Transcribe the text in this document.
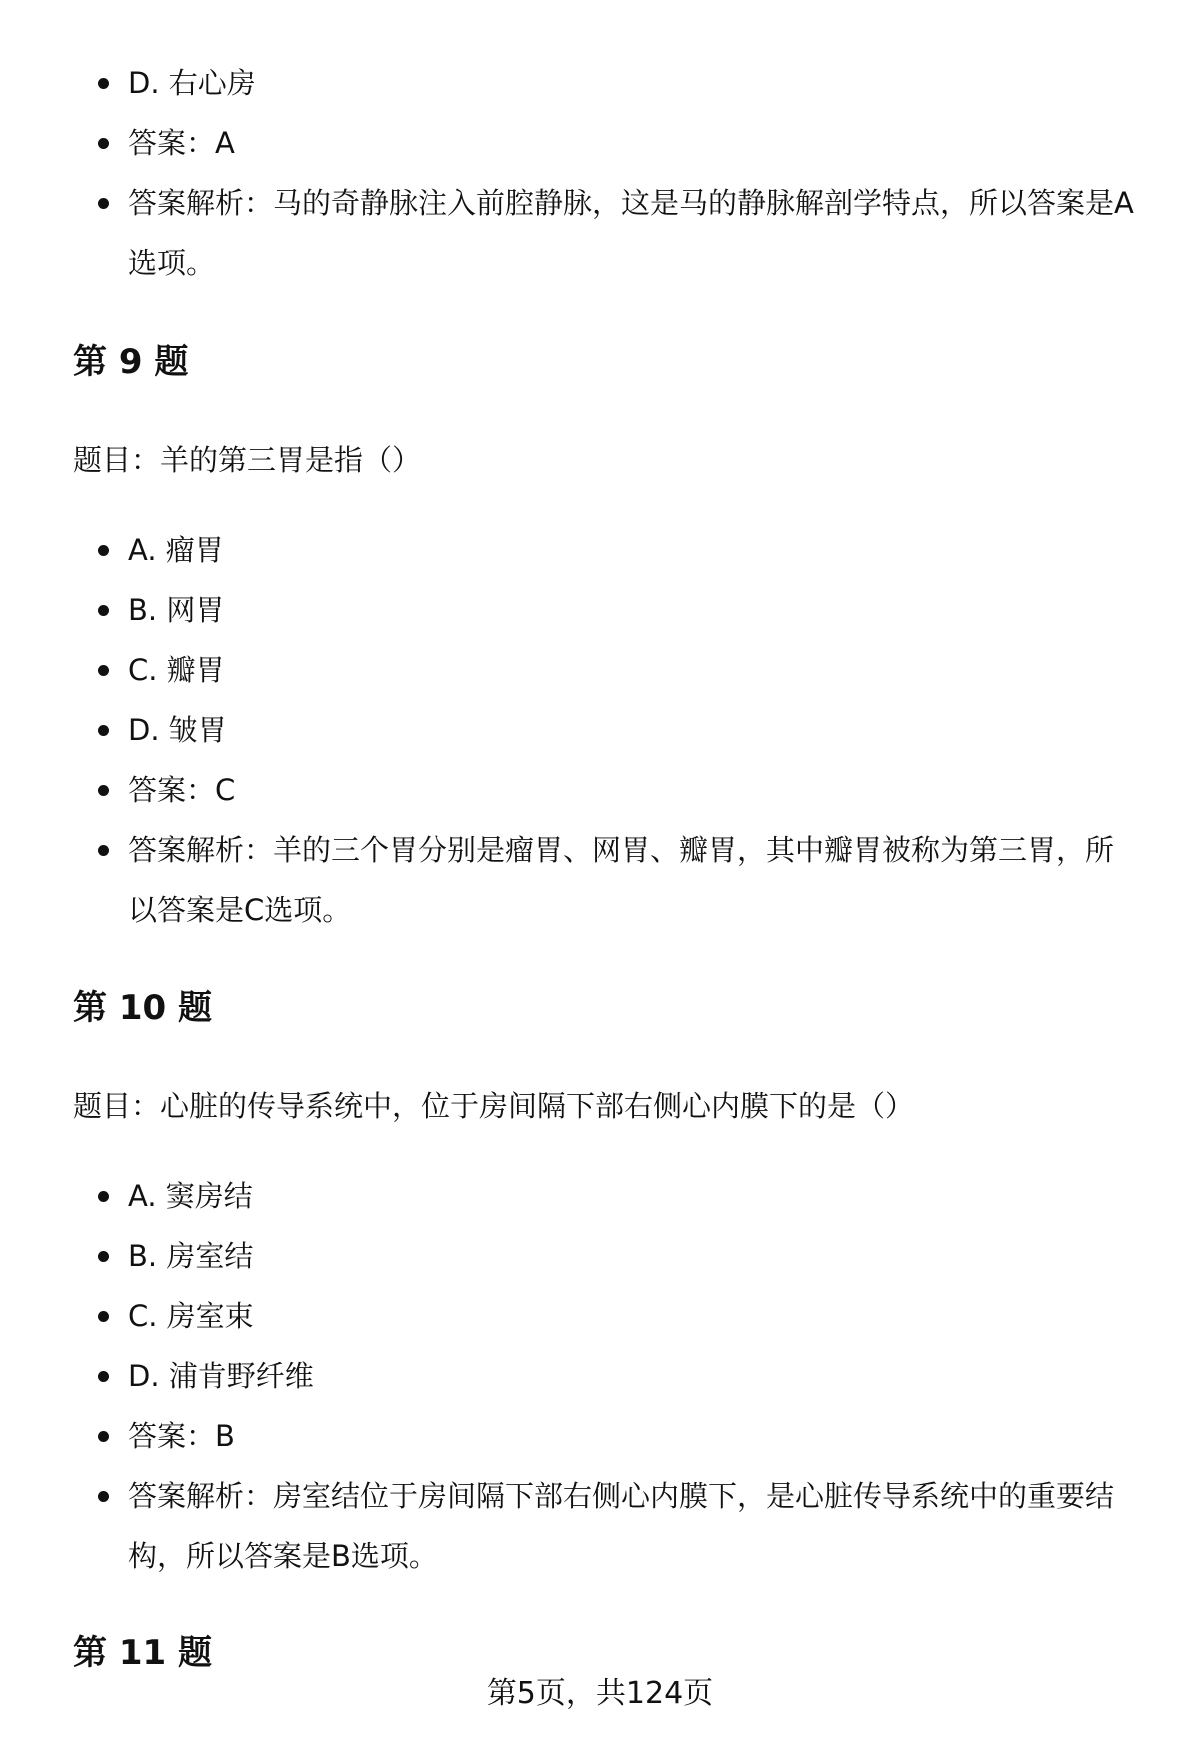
D. 右心房
答案：A
答案解析：马的奇静脉注入前腔静脉，这是马的静脉解剖学特点，所以答案是A选项。
第 9 题

题目：羊的第三胃是指（）

A. 瘤胃
B. 网胃
C. 瓣胃
D. 皱胃
答案：C
答案解析：羊的三个胃分别是瘤胃、网胃、瓣胃，其中瓣胃被称为第三胃，所以答案是C选项。
第 10 题

题目：心脏的传导系统中，位于房间隔下部右侧心内膜下的是（）

A. 窦房结
B. 房室结
C. 房室束
D. 浦肯野纤维
答案：B
答案解析：房室结位于房间隔下部右侧心内膜下，是心脏传导系统中的重要结构，所以答案是B选项。
第 11 题
第5页，共124页
